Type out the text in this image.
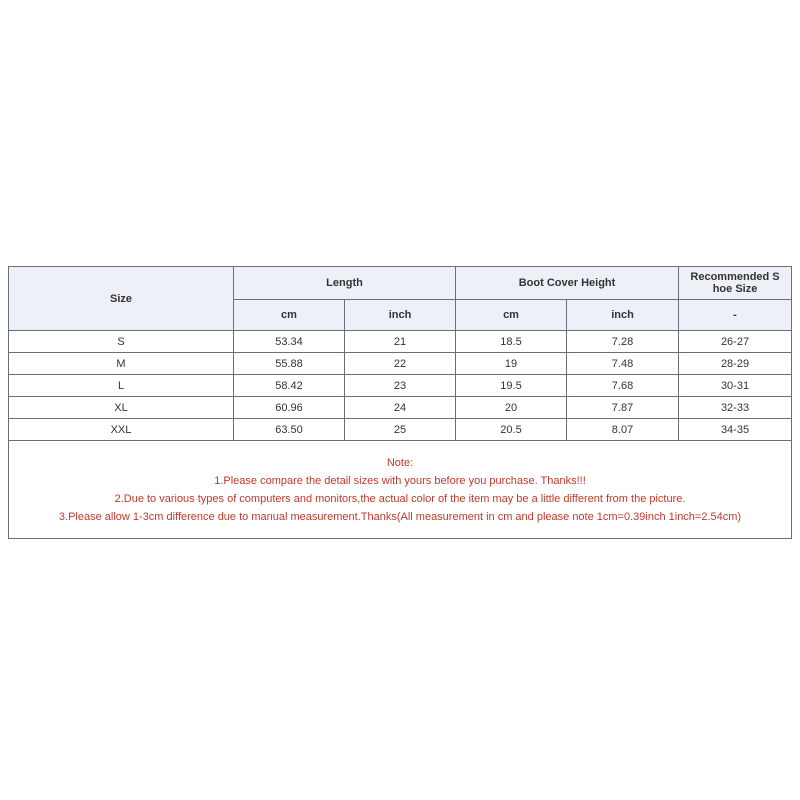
Size	Length		Boot Cover Height		Recommended S
hoe Size
	cm	inch	cm	inch	-
S	53.34	21	18.5	7.28	26-27
M	55.88	22	19	7.48	28-29
L	58.42	23	19.5	7.68	30-31
XL	60.96	24	20	7.87	32-33
XXL	63.50	25	20.5	8.07	34-35

Note:
1.Please compare the detail sizes with yours before you purchase. Thanks!!!
2.Due to various types of computers and monitors,the actual color of the item may be a little different from the picture.
3.Please allow 1-3cm difference due to manual measurement.Thanks(All measurement in cm and please note 1cm=0.39inch 1inch=2.54cm)					
